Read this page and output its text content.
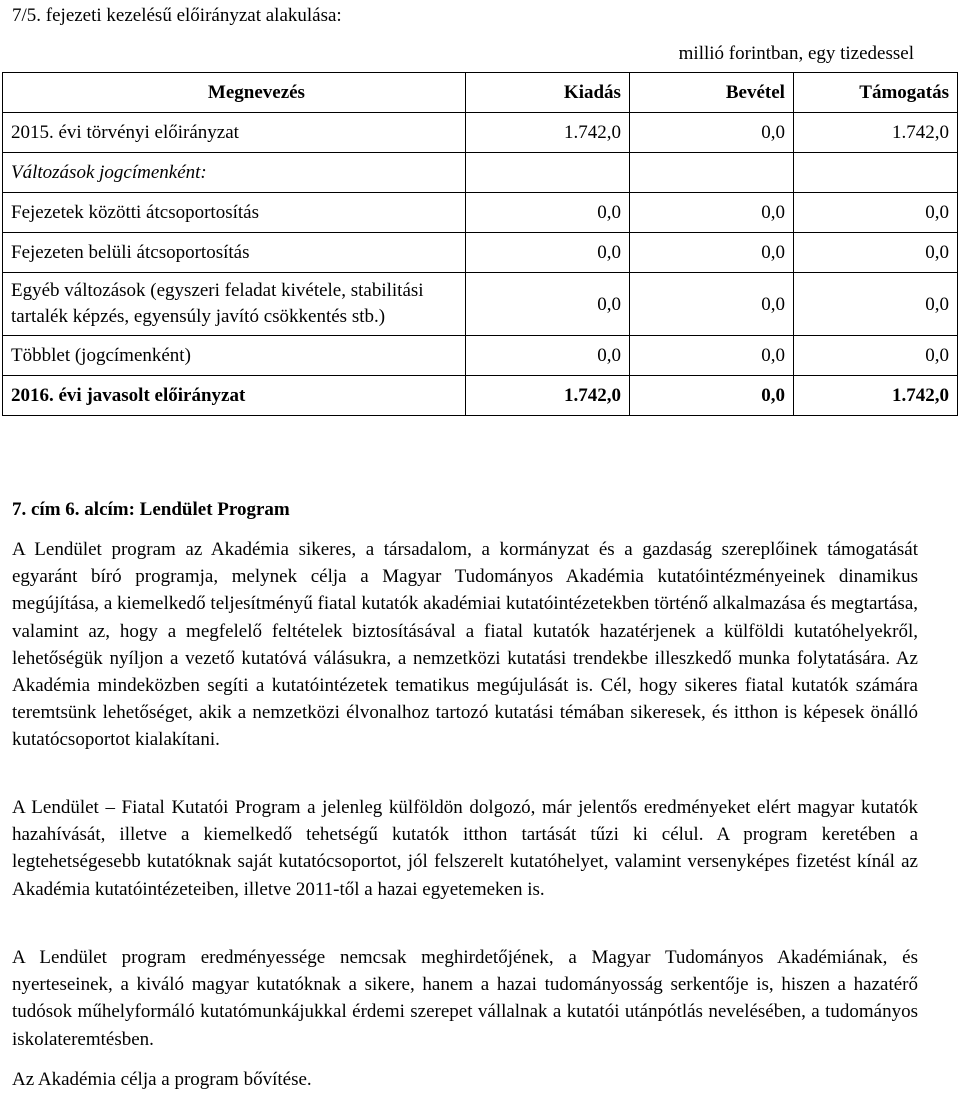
7/5. fejezeti kezelésű előirányzat alakulása:
millió forintban, egy tizedessel
Megnevezés	Kiadás	Bevétel	Támogatás
2015. évi törvényi előirányzat	1.742,0	0,0	1.742,0
Változások jogcímenként:			
Fejezetek közötti átcsoportosítás	0,0	0,0	0,0
Fejezeten belüli átcsoportosítás	0,0	0,0	0,0
Egyéb változások (egyszeri feladat kivétele, stabilitási tartalék képzés, egyensúly javító csökkentés stb.)	0,0	0,0	0,0
Többlet (jogcímenként)	0,0	0,0	0,0
2016. évi javasolt előirányzat	1.742,0	0,0	1.742,0
7. cím 6. alcím: Lendület Program

A Lendület program az Akadémia sikeres, a társadalom, a kormányzat és a gazdaság szereplőinek támogatását egyaránt bíró programja, melynek célja a Magyar Tudományos Akadémia kutatóintézményeinek dinamikus megújítása, a kiemelkedő teljesítményű fiatal kutatók akadémiai kutatóintézetekben történő alkalmazása és megtartása, valamint az, hogy a megfelelő feltételek biztosításával a fiatal kutatók hazatérjenek a külföldi kutatóhelyekről, lehetőségük nyíljon a vezető kutatóvá válásukra, a nemzetközi kutatási trendekbe illeszkedő munka folytatására. Az Akadémia mindeközben segíti a kutatóintézetek tematikus megújulását is. Cél, hogy sikeres fiatal kutatók számára teremtsünk lehetőséget, akik a nemzetközi élvonalhoz tartozó kutatási témában sikeresek, és itthon is képesek önálló kutatócsoportot kialakítani.

A Lendület – Fiatal Kutatói Program a jelenleg külföldön dolgozó, már jelentős eredményeket elért magyar kutatók hazahívását, illetve a kiemelkedő tehetségű kutatók itthon tartását tűzi ki célul. A program keretében a legtehetségesebb kutatóknak saját kutatócsoportot, jól felszerelt kutatóhelyet, valamint versenyképes fizetést kínál az Akadémia kutatóintézeteiben, illetve 2011-től a hazai egyetemeken is.

A Lendület program eredményessége nemcsak meghirdetőjének, a Magyar Tudományos Akadémiának, és nyerteseinek, a kiváló magyar kutatóknak a sikere, hanem a hazai tudományosság serkentője is, hiszen a hazatérő tudósok műhelyformáló kutatómunkájukkal érdemi szerepet vállalnak a kutatói utánpótlás nevelésében, a tudományos iskolateremtésben.

Az Akadémia célja a program bővítése.
